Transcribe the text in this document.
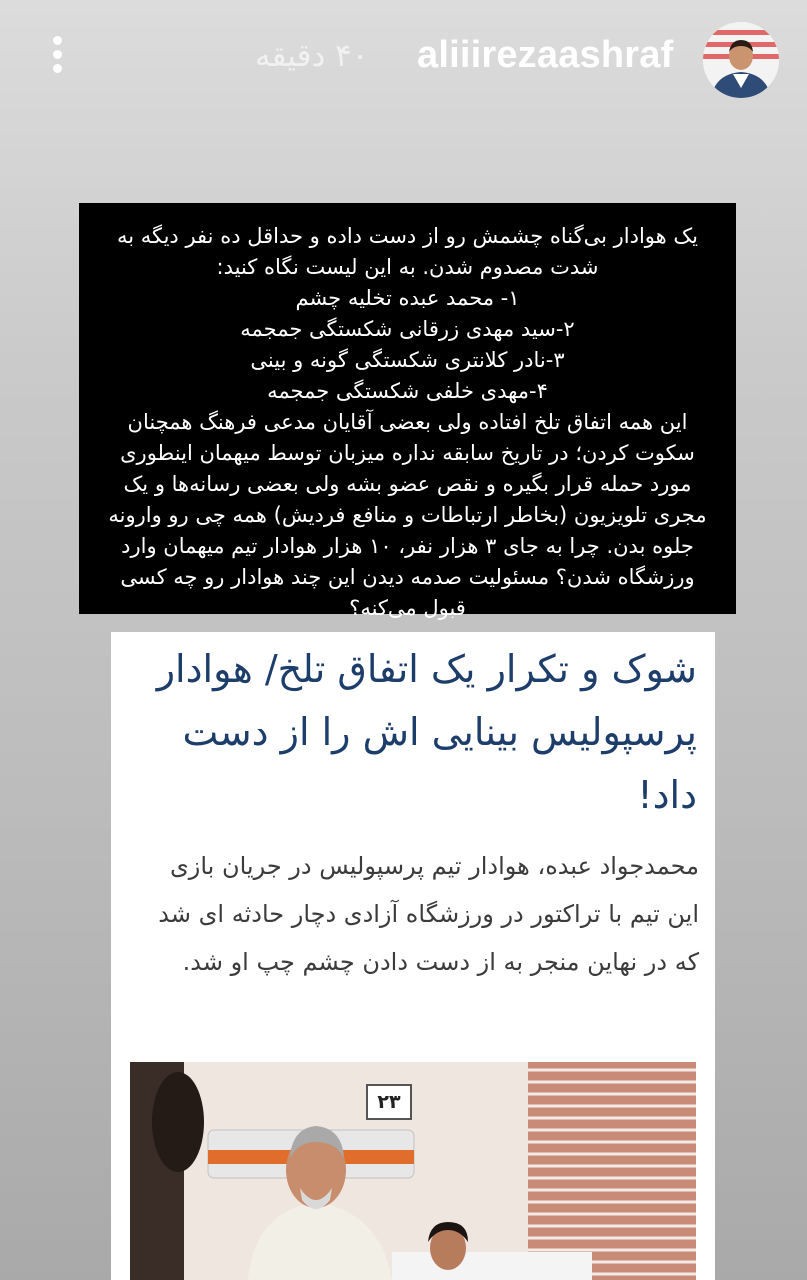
۴۰ دقیقه aliiirezaashraf

یک هوادار بی‌گناه چشمش رو از دست داده و حداقل ده نفر دیگه به شدت مصدوم شدن. به این لیست نگاه کنید:
۱- محمد عبده تخلیه چشم
۲-سید مهدی زرقانی شکستگی جمجمه
۳-نادر کلانتری شکستگی گونه و بینی
۴-مهدی خلفی شکستگی جمجمه
این همه اتفاق تلخ افتاده ولی بعضی آقایان مدعی فرهنگ همچنان سکوت کردن؛ در تاریخ سابقه نداره میزبان توسط میهمان اینطوری مورد حمله قرار بگیره و نقص عضو بشه ولی بعضی رسانه‌ها و یک مجری تلویزیون (بخاطر ارتباطات و منافع فردیش) همه چی رو وارونه جلوه بدن. چرا به جای ۳ هزار نفر، ۱۰ هزار هوادار تیم میهمان وارد ورزشگاه شدن؟ مسئولیت صدمه دیدن این چند هوادار رو چه کسی قبول می‌کنه؟

شوک و تکرار یک اتفاق تلخ/ هوادار پرسپولیس بینایی اش را از دست داد!
محمدجواد عبده، هوادار تیم پرسپولیس در جریان بازی این تیم با تراکتور در ورزشگاه آزادی دچار حادثه ای شد که در نهاین منجر به از دست دادن چشم چپ او شد.
۲۳
